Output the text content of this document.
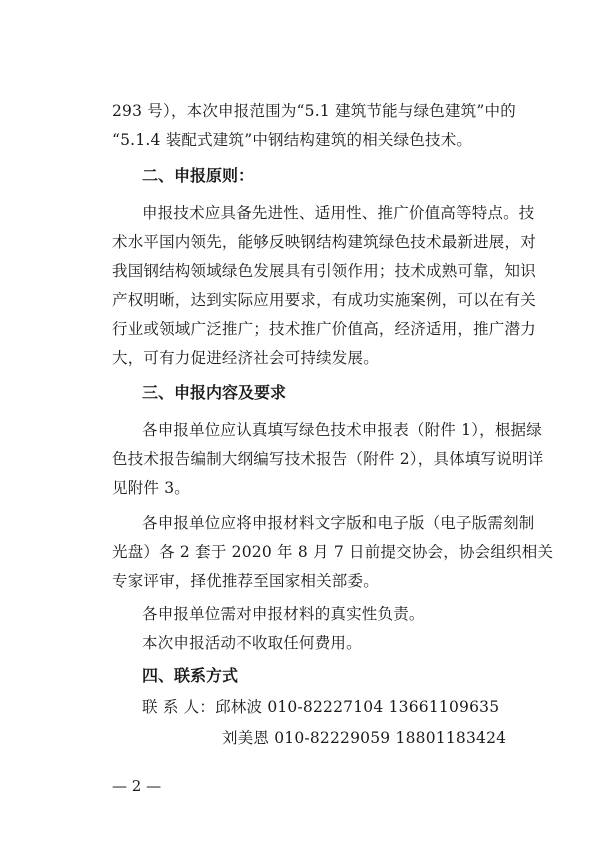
293 号），本次申报范围为“5.1 建筑节能与绿色建筑”中的
“5.1.4 装配式建筑”中钢结构建筑的相关绿色技术。
二、申报原则：
申报技术应具备先进性、适用性、推广价值高等特点。技
术水平国内领先，能够反映钢结构建筑绿色技术最新进展，对
我国钢结构领域绿色发展具有引领作用；技术成熟可靠，知识
产权明晰，达到实际应用要求，有成功实施案例，可以在有关
行业或领域广泛推广；技术推广价值高，经济适用，推广潜力
大，可有力促进经济社会可持续发展。
三、申报内容及要求
各申报单位应认真填写绿色技术申报表（附件 1），根据绿
色技术报告编制大纲编写技术报告（附件 2），具体填写说明详
见附件 3。
各申报单位应将申报材料文字版和电子版（电子版需刻制
光盘）各 2 套于 2020 年 8 月 7 日前提交协会，协会组织相关
专家评审，择优推荐至国家相关部委。
各申报单位需对申报材料的真实性负责。
本次申报活动不收取任何费用。
四、联系方式
联 系 人：邱林波 010-82227104 13661109635
刘美恩 010-82229059 18801183424
— 2 —
